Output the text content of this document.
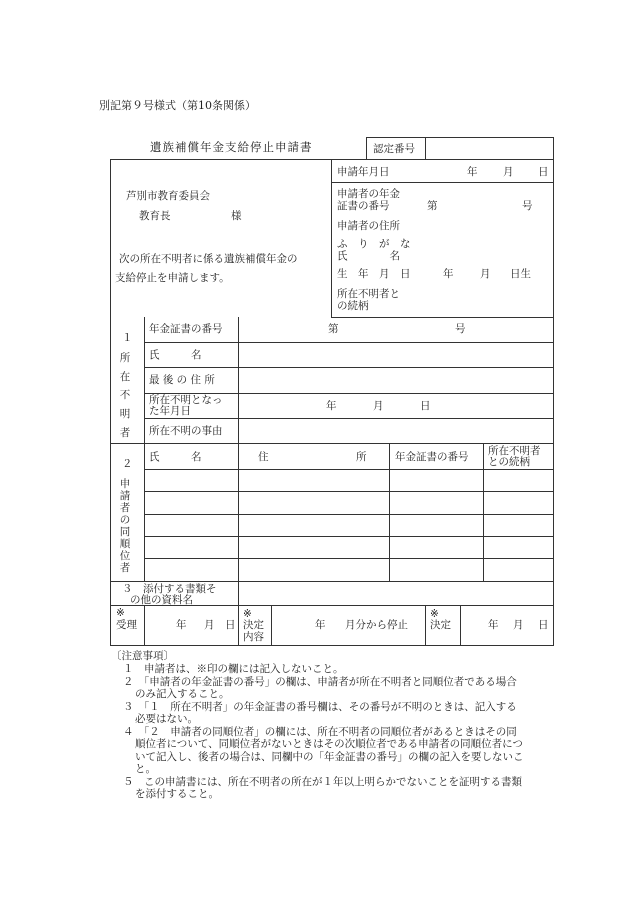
別記第９号様式（第10条関係）
遺族補償年金支給停止申請書	認定番号
芦別市教育委員会
教育長	様
次の所在不明者に係る遺族補償年金の
支給停止を申請します。
申請年月日	年 月 日
申請者の年金
証書の番号	第	号
申請者の住所
ふ　り　が　な
氏　　　　名
生　年　月　日	年	月 日生
所在不明者と
の続柄
１
所
在
不
明
者
年金証書の番号	第	号
氏　　　名
最 後 の 住 所
所在不明となっ
た年月日	年	月	日
所在不明の事由
２
申
請
者
の
同
順
位
者
氏　　　名	住	所	年金証書の番号 所在不明者
との続柄
３　添付する書類そ
の他の資料名
※
受理	年 月 日
※
決定
内容
年 月分から停止
※
決定	年 月 日
〔注意事項〕
１　申請者は、※印の欄には記入しないこと。
２　「申請者の年金証書の番号」の欄は、申請者が所在不明者と同順位者である場合
のみ記入すること。
３　「１　所在不明者」の年金証書の番号欄は、その番号が不明のときは、記入する
必要はない。
４　「２　申請者の同順位者」の欄には、所在不明者の同順位者があるときはその同
順位者について、同順位者がないときはその次順位者である申請者の同順位者につ
いて記入し、後者の場合は、同欄中の「年金証書の番号」の欄の記入を要しないこ
と。
５　この申請書には、所在不明者の所在が１年以上明らかでないことを証明する書類
を添付すること。
